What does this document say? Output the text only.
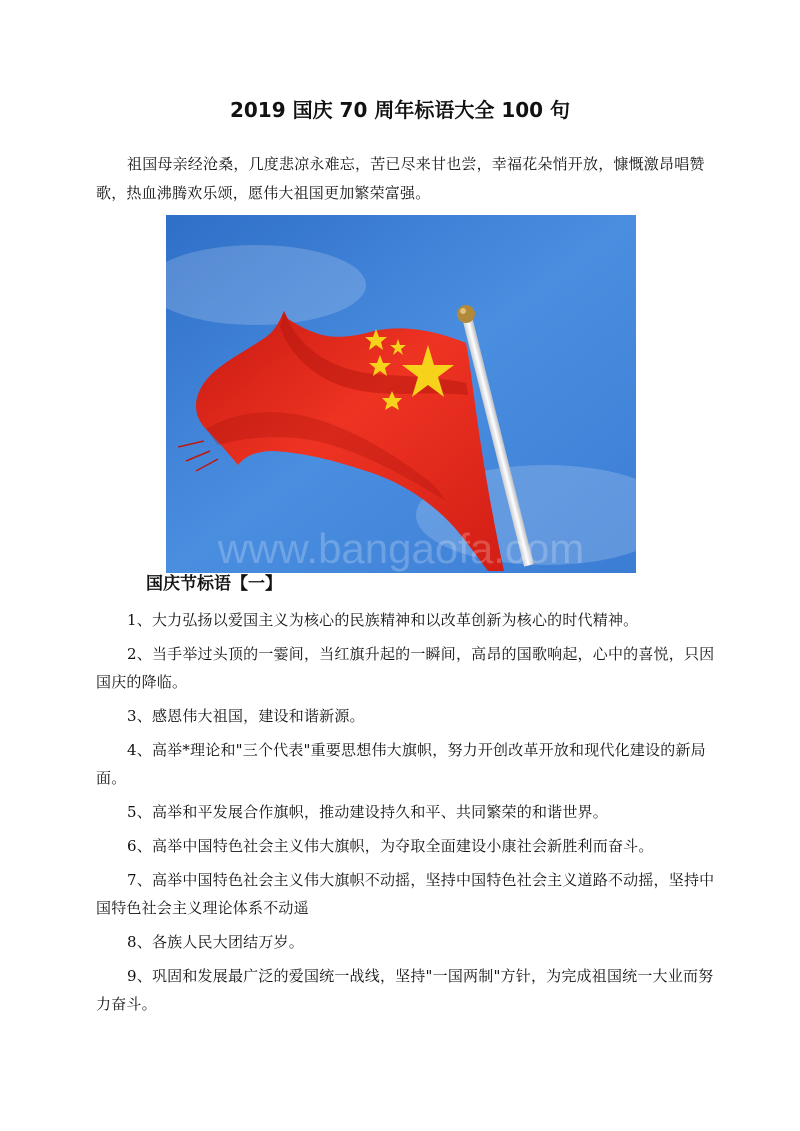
2019 国庆 70 周年标语大全 100 句

祖国母亲经沧桑，几度悲凉永难忘，苦已尽来甘也尝，幸福花朵悄开放，慷慨激昂唱赞歌，热血沸腾欢乐颂，愿伟大祖国更加繁荣富强。

www.bangaofa.com
国庆节标语【一】
1、大力弘扬以爱国主义为核心的民族精神和以改革创新为核心的时代精神。
2、当手举过头顶的一霎间，当红旗升起的一瞬间，高昂的国歌响起，心中的喜悦，只因国庆的降临。
3、感恩伟大祖国，建设和谐新源。
4、高举*理论和"三个代表"重要思想伟大旗帜，努力开创改革开放和现代化建设的新局面。
5、高举和平发展合作旗帜，推动建设持久和平、共同繁荣的和谐世界。
6、高举中国特色社会主义伟大旗帜，为夺取全面建设小康社会新胜利而奋斗。
7、高举中国特色社会主义伟大旗帜不动摇，坚持中国特色社会主义道路不动摇，坚持中国特色社会主义理论体系不动遥
8、各族人民大团结万岁。
9、巩固和发展最广泛的爱国统一战线，坚持"一国两制"方针，为完成祖国统一大业而努力奋斗。
